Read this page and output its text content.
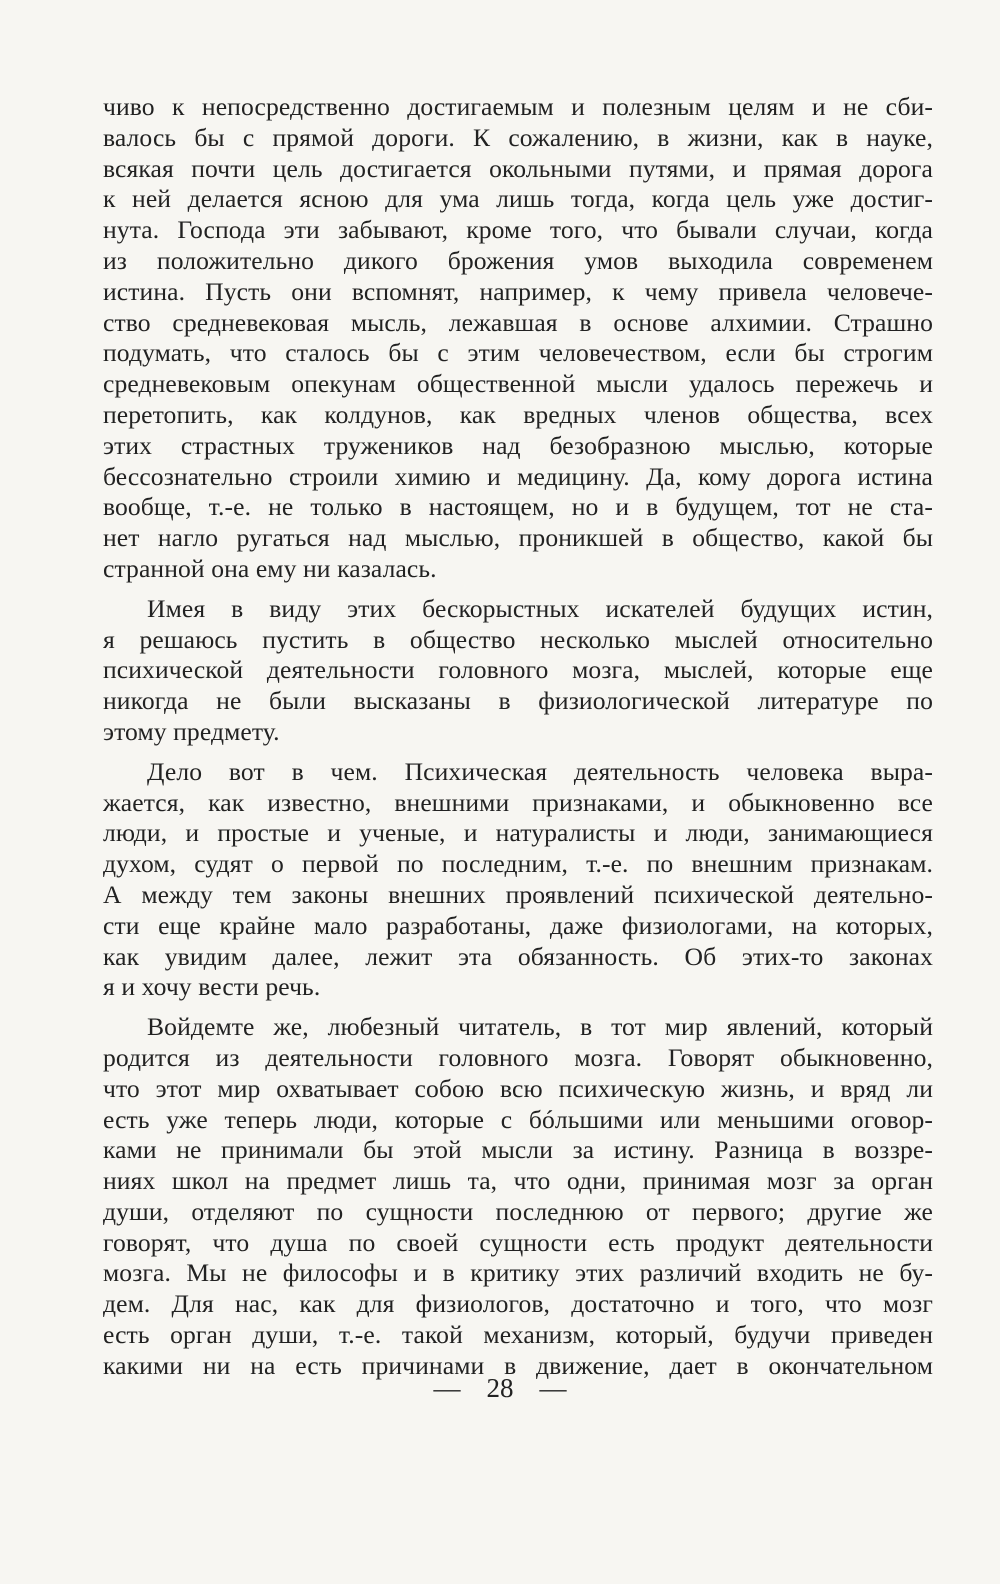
чиво к непосредственно достигаемым и полезным целям и не сби-
валось бы с прямой дороги. К сожалению, в жизни, как в науке,
всякая почти цель достигается окольными путями, и прямая дорога
к ней делается ясною для ума лишь тогда, когда цель уже достиг-
нута. Господа эти забывают, кроме того, что бывали случаи, когда
из положительно дикого брожения умов выходила современем
истина. Пусть они вспомнят, например, к чему привела человече-
ство средневековая мысль, лежавшая в основе алхимии. Страшно
подумать, что сталось бы с этим человечеством, если бы строгим
средневековым опекунам общественной мысли удалось пережечь и
перетопить, как колдунов, как вредных членов общества, всех
этих страстных тружеников над безобразною мыслью, которые
бессознательно строили химию и медицину. Да, кому дорога истина
вообще, т.-е. не только в настоящем, но и в будущем, тот не ста-
нет нагло ругаться над мыслью, проникшей в общество, какой бы
странной она ему ни казалась.

Имея в виду этих бескорыстных искателей будущих истин,
я решаюсь пустить в общество несколько мыслей относительно
психической деятельности головного мозга, мыслей, которые еще
никогда не были высказаны в физиологической литературе по
этому предмету.

Дело вот в чем. Психическая деятельность человека выра-
жается, как известно, внешними признаками, и обыкновенно все
люди, и простые и ученые, и натуралисты и люди, занимающиеся
духом, судят о первой по последним, т.-е. по внешним признакам.
А между тем законы внешних проявлений психической деятельно-
сти еще крайне мало разработаны, даже физиологами, на которых,
как увидим далее, лежит эта обязанность. Об этих-то законах
я и хочу вести речь.

Войдемте же, любезный читатель, в тот мир явлений, который
родится из деятельности головного мозга. Говорят обыкновенно,
что этот мир охватывает собою всю психическую жизнь, и вряд ли
есть уже теперь люди, которые с бóльшими или меньшими оговор-
ками не принимали бы этой мысли за истину. Разница в воззре-
ниях школ на предмет лишь та, что одни, принимая мозг за орган
души, отделяют по сущности последнюю от первого; другие же
говорят, что душа по своей сущности есть продукт деятельности
мозга. Мы не философы и в критику этих различий входить не бу-
дем. Для нас, как для физиологов, достаточно и того, что мозг
есть орган души, т.-е. такой механизм, который, будучи приведен
какими ни на есть причинами в движение, дает в окончательном

— 28 —
